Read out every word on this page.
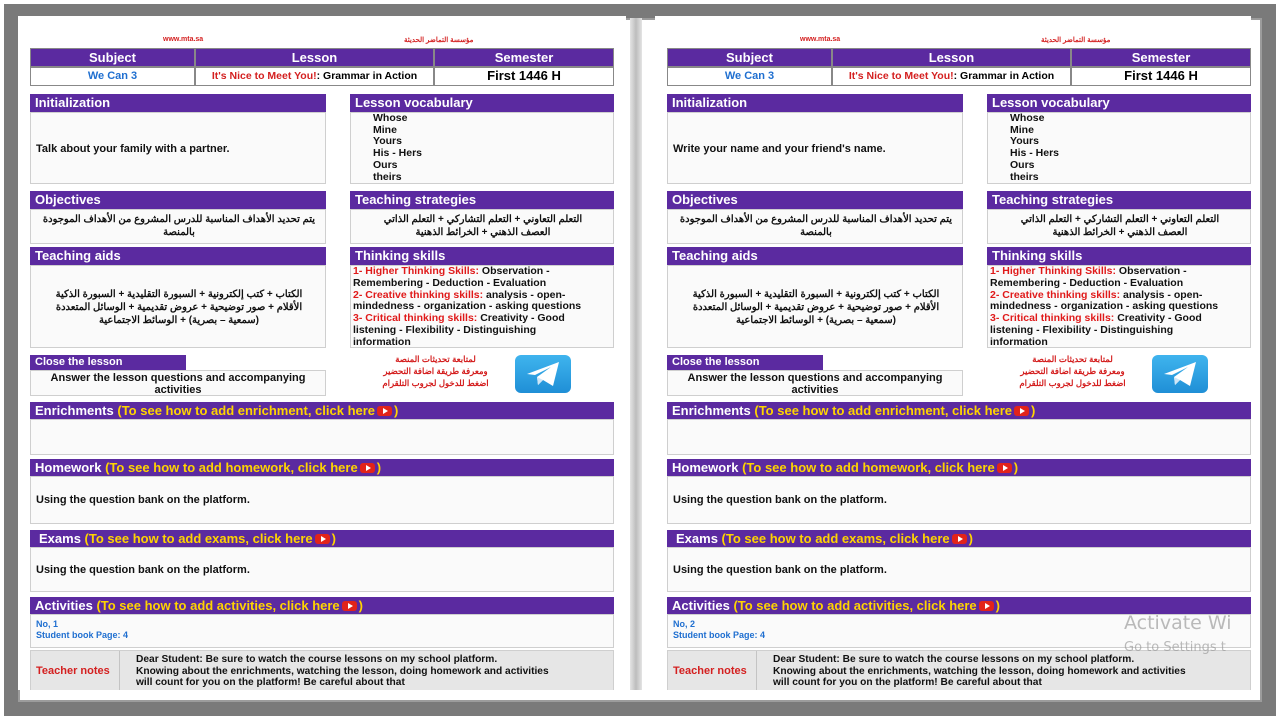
www.mta.sa	مؤسسة التماضر الحديثة
Subject	Lesson	Semester
We Can 3	It's Nice to Meet You!: Grammar in Action	First 1446 H
Initialization
Talk about your family with a partner.
Lesson vocabulary
Whose
Mine
Yours
His - Hers
Ours
theirs
Objectives
يتم تحديد الأهداف المناسبة للدرس المشروع من الأهداف الموجودة
بالمنصة
Teaching strategies
التعلم التعاوني + التعلم التشاركي + التعلم الذاتي
العصف الذهني + الخرائط الذهنية
Teaching aids
الكتاب + كتب إلكترونية + السبورة التقليدية + السبورة الذكية
الأقلام + صور توضيحية + عروض تقديمية + الوسائل المتعددة
(سمعية – بصرية) + الوسائط الاجتماعية
Thinking skills
1- Higher Thinking Skills: Observation -
Remembering - Deduction - Evaluation
2- Creative thinking skills: analysis - open-
mindedness - organization - asking questions
3- Critical thinking skills: Creativity - Good
listening - Flexibility - Distinguishing
information
Close the lesson
Answer the lesson questions and accompanying
activities
لمتابعة تحديثات المنصة
ومعرفة طريقة اضافة التحضير
اضغط للدخول لجروب التلقرام
Enrichments (To see how to add enrichment, click here )
Homework (To see how to add homework, click here )
Using the question bank on the platform.
Exams (To see how to add exams, click here )
Using the question bank on the platform.
Activities (To see how to add activities, click here )
No, 1
Student book Page: 4
Teacher notes
Dear Student: Be sure to watch the course lessons on my school platform.
Knowing about the enrichments, watching the lesson, doing homework and activities
will count for you on the platform! Be careful about that
www.mta.sa	مؤسسة التماضر الحديثة
Subject	Lesson	Semester
We Can 3	It's Nice to Meet You!: Grammar in Action	First 1446 H
Initialization
Write your name and your friend's name.
Lesson vocabulary
Whose
Mine
Yours
His - Hers
Ours
theirs
Objectives
يتم تحديد الأهداف المناسبة للدرس المشروع من الأهداف الموجودة
بالمنصة
Teaching strategies
التعلم التعاوني + التعلم التشاركي + التعلم الذاتي
العصف الذهني + الخرائط الذهنية
Teaching aids
الكتاب + كتب إلكترونية + السبورة التقليدية + السبورة الذكية
الأقلام + صور توضيحية + عروض تقديمية + الوسائل المتعددة
(سمعية – بصرية) + الوسائط الاجتماعية
Thinking skills
1- Higher Thinking Skills: Observation -
Remembering - Deduction - Evaluation
2- Creative thinking skills: analysis - open-
mindedness - organization - asking questions
3- Critical thinking skills: Creativity - Good
listening - Flexibility - Distinguishing
information
Close the lesson
Answer the lesson questions and accompanying
activities
لمتابعة تحديثات المنصة
ومعرفة طريقة اضافة التحضير
اضغط للدخول لجروب التلقرام
Enrichments (To see how to add enrichment, click here )
Homework (To see how to add homework, click here )
Using the question bank on the platform.
Exams (To see how to add exams, click here )
Using the question bank on the platform.
Activities (To see how to add activities, click here )
No, 2
Student book Page: 4
Teacher notes
Dear Student: Be sure to watch the course lessons on my school platform.
Knowing about the enrichments, watching the lesson, doing homework and activities
will count for you on the platform! Be careful about that
Activate Wi
Go to Settings t
